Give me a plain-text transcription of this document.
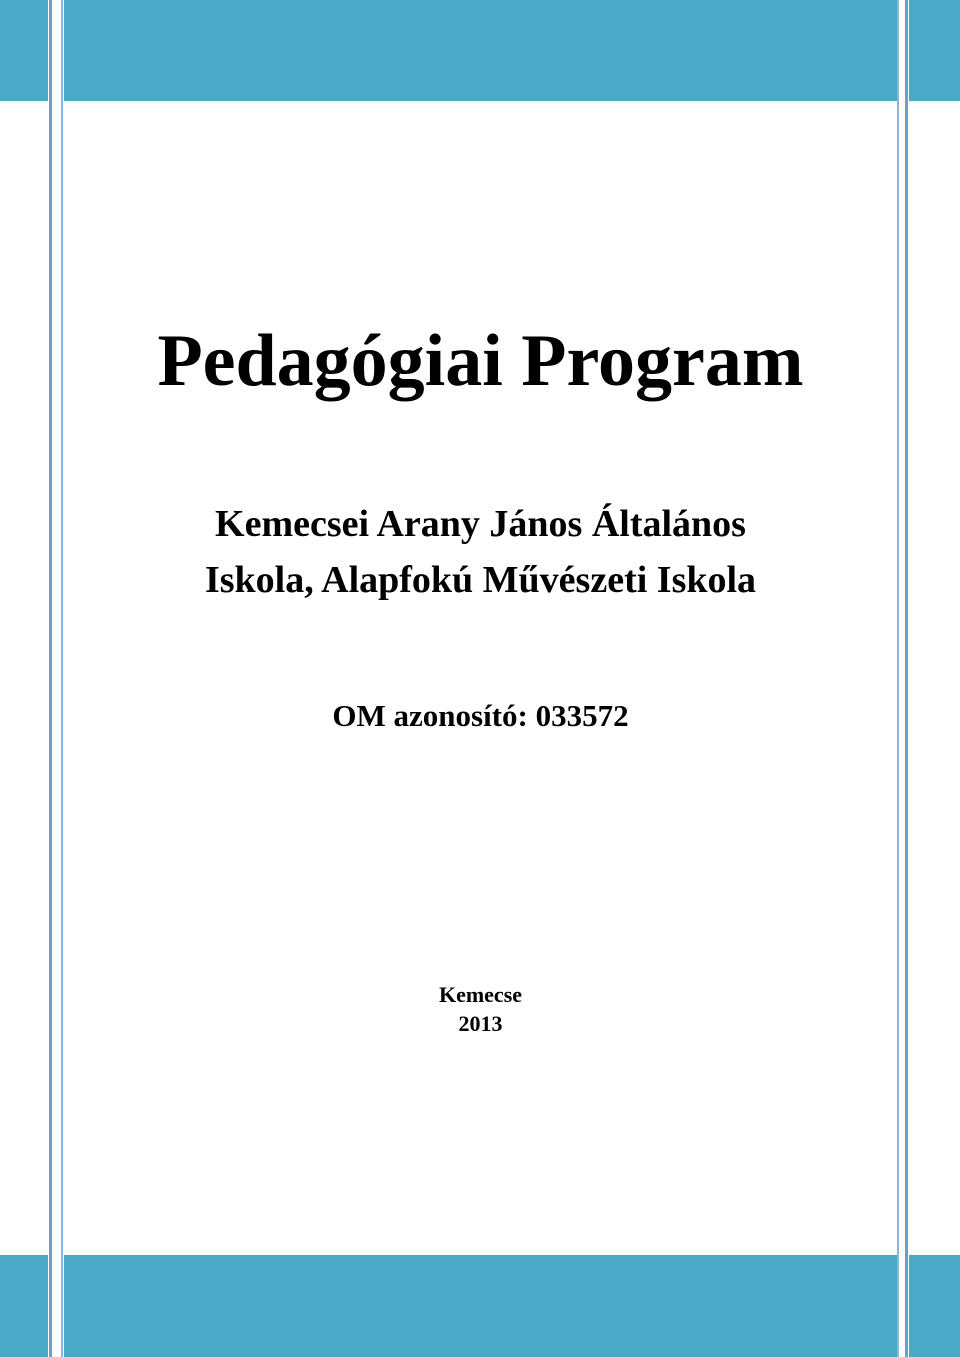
Pedagógiai Program
Kemecsei Arany János Általános
Iskola, Alapfokú Művészeti Iskola

OM azonosító: 033572

Kemecse
2013
